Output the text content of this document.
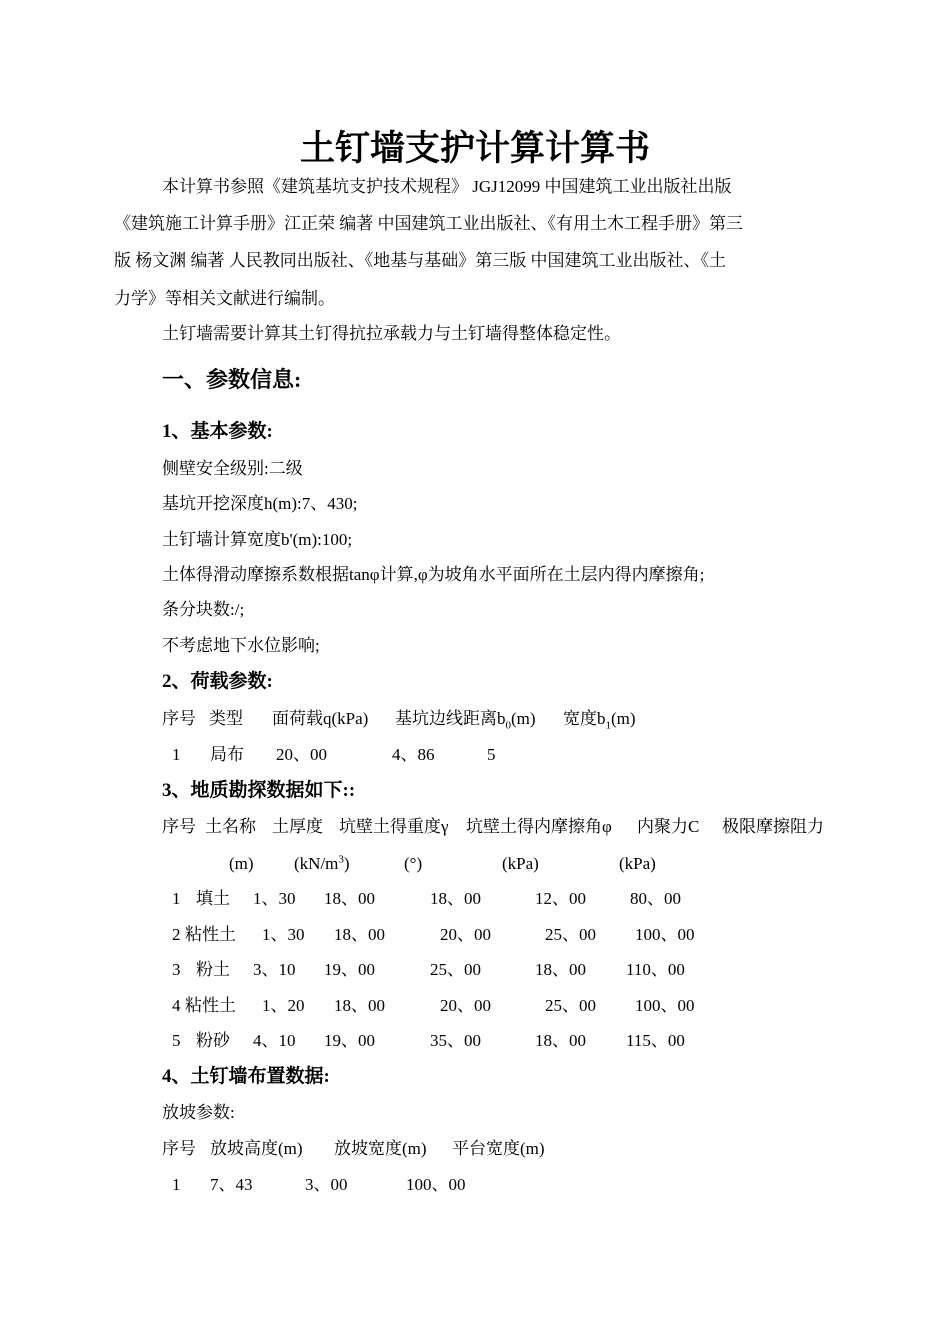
土钉墙支护计算计算书
本计算书参照《建筑基坑支护技术规程》 JGJ12099 中国建筑工业出版社出版
《建筑施工计算手册》江正荣 编著 中国建筑工业出版社、《有用土木工程手册》第三
版 杨文渊 编著 人民教同出版社、《地基与基础》第三版 中国建筑工业出版社、《土
力学》等相关文献进行编制。
土钉墙需要计算其土钉得抗拉承载力与土钉墙得整体稳定性。
一、参数信息:
1、基本参数:
侧壁安全级别:二级
基坑开挖深度h(m):7、430;
土钉墙计算宽度b'(m):100;
土体得滑动摩擦系数根据tanφ计算,φ为坡角水平面所在土层内得内摩擦角;
条分块数:/;
不考虑地下水位影响;
2、荷载参数:
序号 类型 面荷载q(kPa) 基坑边线距离$b_0(m)$ 宽度$b_1(m)$
1 局布 20、00	4、86	5
3、地质勘探数据如下::
序号 土名称 土厚度 坑壁土得重度γ 坑壁土得内摩擦角φ 内聚力C 极限摩擦阻力
(m) $(kN/m^3)$	(°)	(kPa)	(kPa)
1 填土 1、30 18、00	18、00	12、00	80、00
2 粘性土 1、30 18、00	20、00	25、00 100、00
3 粉土 3、10 19、00	25、00	18、00 110、00
4 粘性土 1、20 18、00	20、00	25、00 100、00
5 粉砂 4、10 19、00	35、00	18、00 115、00
4、土钉墙布置数据:
放坡参数:
序号 放坡高度(m) 放坡宽度(m) 平台宽度(m)
1 7、43	3、00	100、00
